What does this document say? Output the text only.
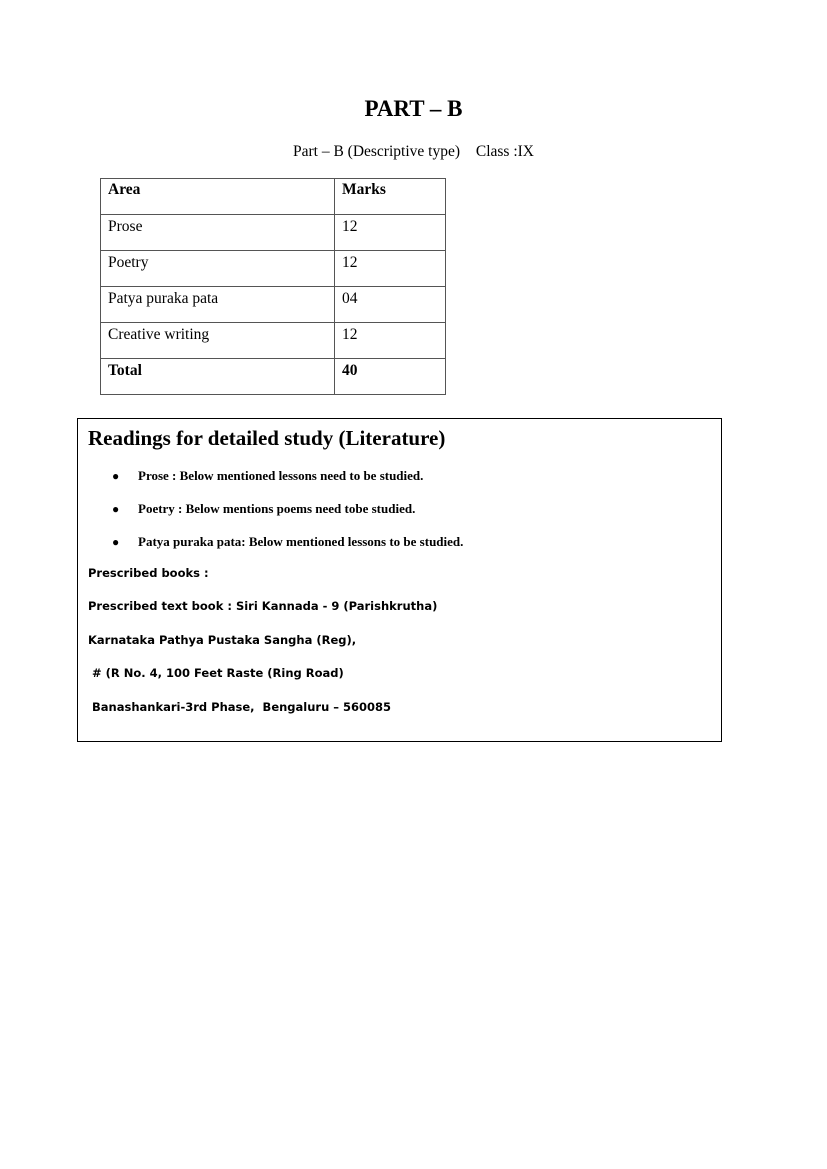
PART – B
Part – B (Descriptive type) Class :IX
Area	Marks
Prose	12
Poetry	12
Patya puraka pata	04
Creative writing	12
Total	40
Readings for detailed study (Literature)
●	Prose : Below mentioned lessons need to be studied.
●	Poetry : Below mentions poems need tobe studied.
●	Patya puraka pata: Below mentioned lessons to be studied.
Prescribed books :
Prescribed text book : Siri Kannada - 9 (Parishkrutha)
Karnataka Pathya Pustaka Sangha (Reg),
# (R No. 4, 100 Feet Raste (Ring Road)
Banashankari-3rd Phase,  Bengaluru – 560085
